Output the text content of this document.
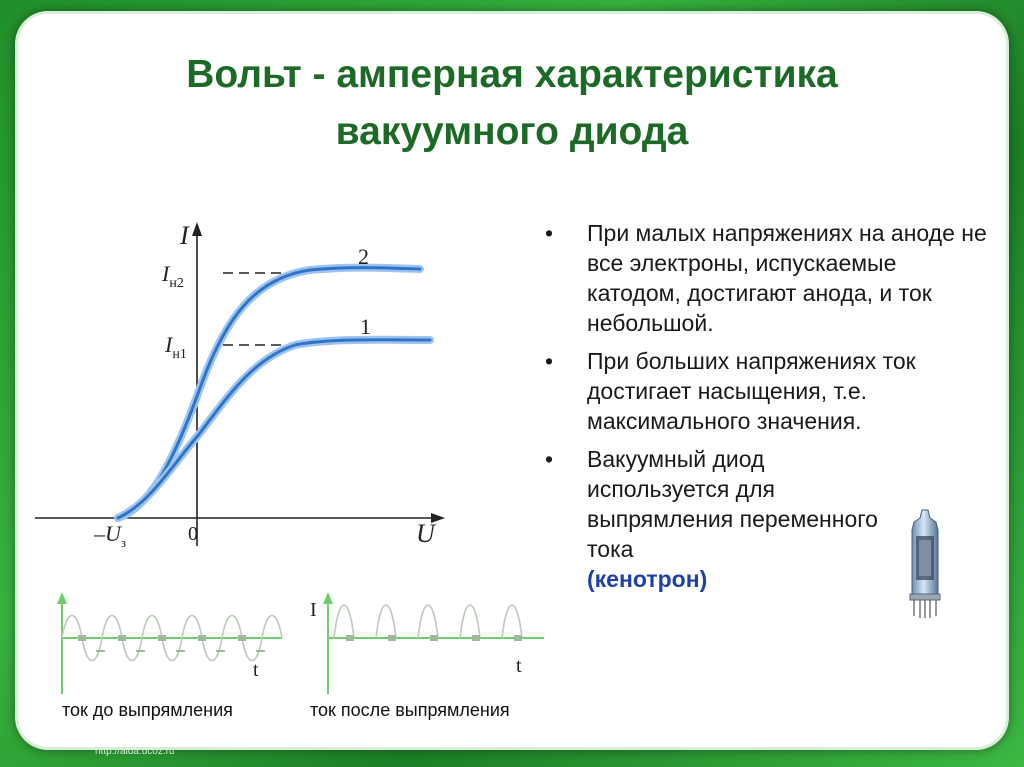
Вольт - амперная характеристика
вакуумного диода
I
U
$I_{н2}$
$I_{н1}$
$-U_з$	0
2
1
• При малых напряжениях на аноде не все электроны, испускаемые катодом, достигают анода, и ток небольшой.
• При больших напряжениях ток достигает насыщения, т.е. максимального значения.
• Вакуумный диод используется для выпрямления переменного тока
(кенотрон)
t
I
t
ток до выпрямления	ток после выпрямления
http://aida.ucoz.ru
